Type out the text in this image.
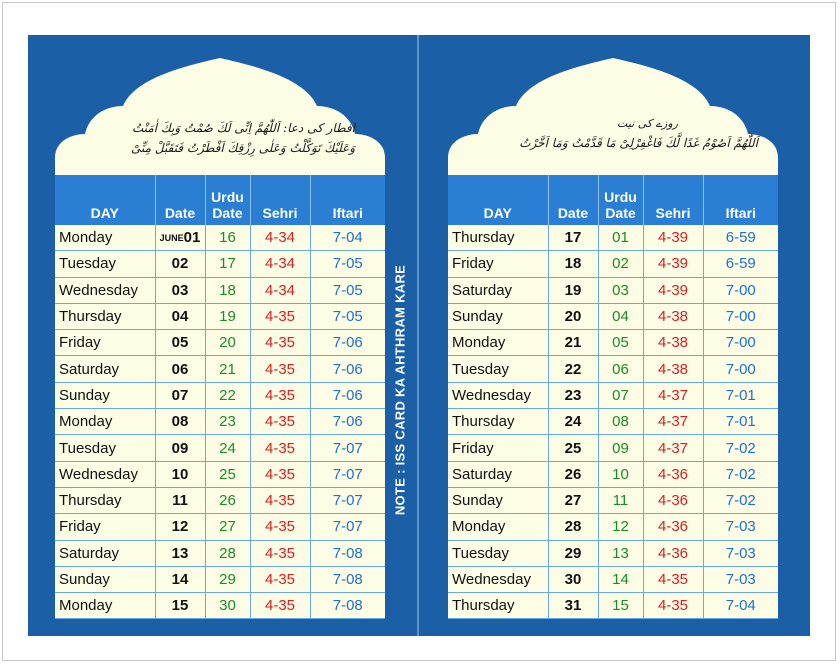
افطار کی دعا: اَللّٰهُمَّ اِنِّی لَكَ صُمْتُ وَبِكَ اٰمَنْتُ
وَعَلَیْكَ تَوَكَّلْتُ وَعَلٰی رِزْقِكَ اَفْطَرْتُ فَتَقَبَّلْ مِنِّیْ
DAY	Date	Urdu Date	Sehri	Iftari
Monday	JUNE01	16	4-34	7-04
Tuesday	02	17	4-34	7-05
Wednesday	03	18	4-34	7-05
Thursday	04	19	4-35	7-05
Friday	05	20	4-35	7-06
Saturday	06	21	4-35	7-06
Sunday	07	22	4-35	7-06
Monday	08	23	4-35	7-06
Tuesday	09	24	4-35	7-07
Wednesday	10	25	4-35	7-07
Thursday	11	26	4-35	7-07
Friday	12	27	4-35	7-07
Saturday	13	28	4-35	7-08
Sunday	14	29	4-35	7-08
Monday	15	30	4-35	7-08
روزے کی نیت
اَللّٰهُمَّ اَصُوْمُ غَدًا لَّكَ فَاغْفِرْلِیْ مَا قَدَّمْتُ وَمَا اَخَّرْتُ
DAY	Date	Urdu Date	Sehri	Iftari
Thursday	17	01	4-39	6-59
Friday	18	02	4-39	6-59
Saturday	19	03	4-39	7-00
Sunday	20	04	4-38	7-00
Monday	21	05	4-38	7-00
Tuesday	22	06	4-38	7-00
Wednesday	23	07	4-37	7-01
Thursday	24	08	4-37	7-01
Friday	25	09	4-37	7-02
Saturday	26	10	4-36	7-02
Sunday	27	11	4-36	7-02
Monday	28	12	4-36	7-03
Tuesday	29	13	4-36	7-03
Wednesday	30	14	4-35	7-03
Thursday	31	15	4-35	7-04
NOTE : ISS CARD KA AHTHRAM KARE
